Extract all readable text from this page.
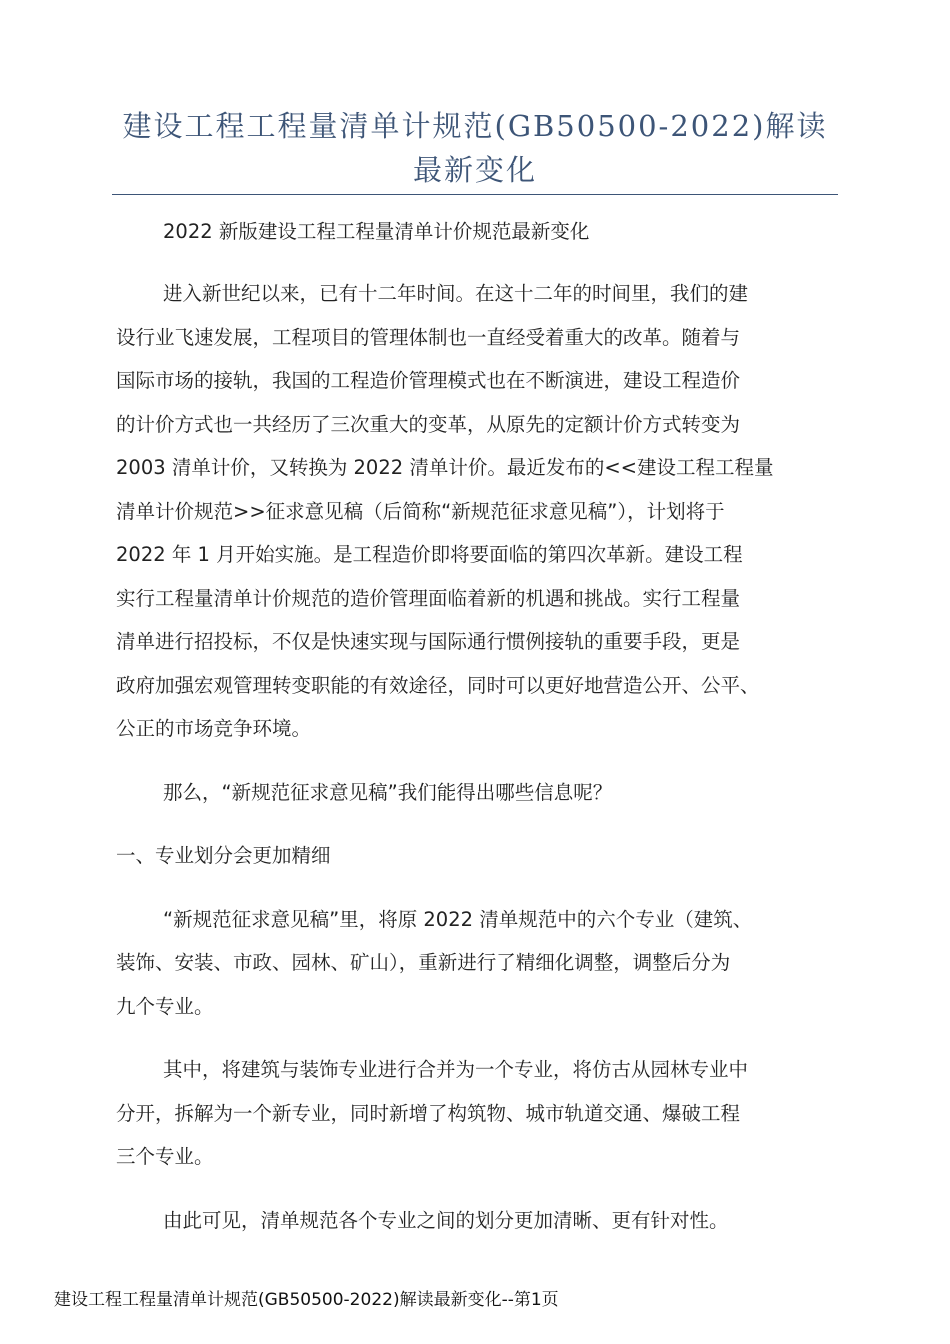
建设工程工程量清单计规范(GB50500-2022)解读最新变化

2022 新版建设工程工程量清单计价规范最新变化

进入新世纪以来，已有十二年时间。在这十二年的时间里，我们的建
设行业飞速发展，工程项目的管理体制也一直经受着重大的改革。随着与
国际市场的接轨，我国的工程造价管理模式也在不断演进，建设工程造价
的计价方式也一共经历了三次重大的变革，从原先的定额计价方式转变为
2003 清单计价，又转换为 2022 清单计价。最近发布的<<建设工程工程量
清单计价规范>>征求意见稿（后简称“新规范征求意见稿”），计划将于
2022 年 1 月开始实施。是工程造价即将要面临的第四次革新。建设工程
实行工程量清单计价规范的造价管理面临着新的机遇和挑战。实行工程量
清单进行招投标，不仅是快速实现与国际通行惯例接轨的重要手段，更是
政府加强宏观管理转变职能的有效途径，同时可以更好地营造公开、公平、
公正的市场竞争环境。

那么，“新规范征求意见稿”我们能得出哪些信息呢？

一、专业划分会更加精细

“新规范征求意见稿”里，将原 2022 清单规范中的六个专业（建筑、
装饰、安装、市政、园林、矿山），重新进行了精细化调整，调整后分为
九个专业。

其中，将建筑与装饰专业进行合并为一个专业，将仿古从园林专业中
分开，拆解为一个新专业，同时新增了构筑物、城市轨道交通、爆破工程
三个专业。

由此可见，清单规范各个专业之间的划分更加清晰、更有针对性。

建设工程工程量清单计规范(GB50500-2022)解读最新变化--第1页
